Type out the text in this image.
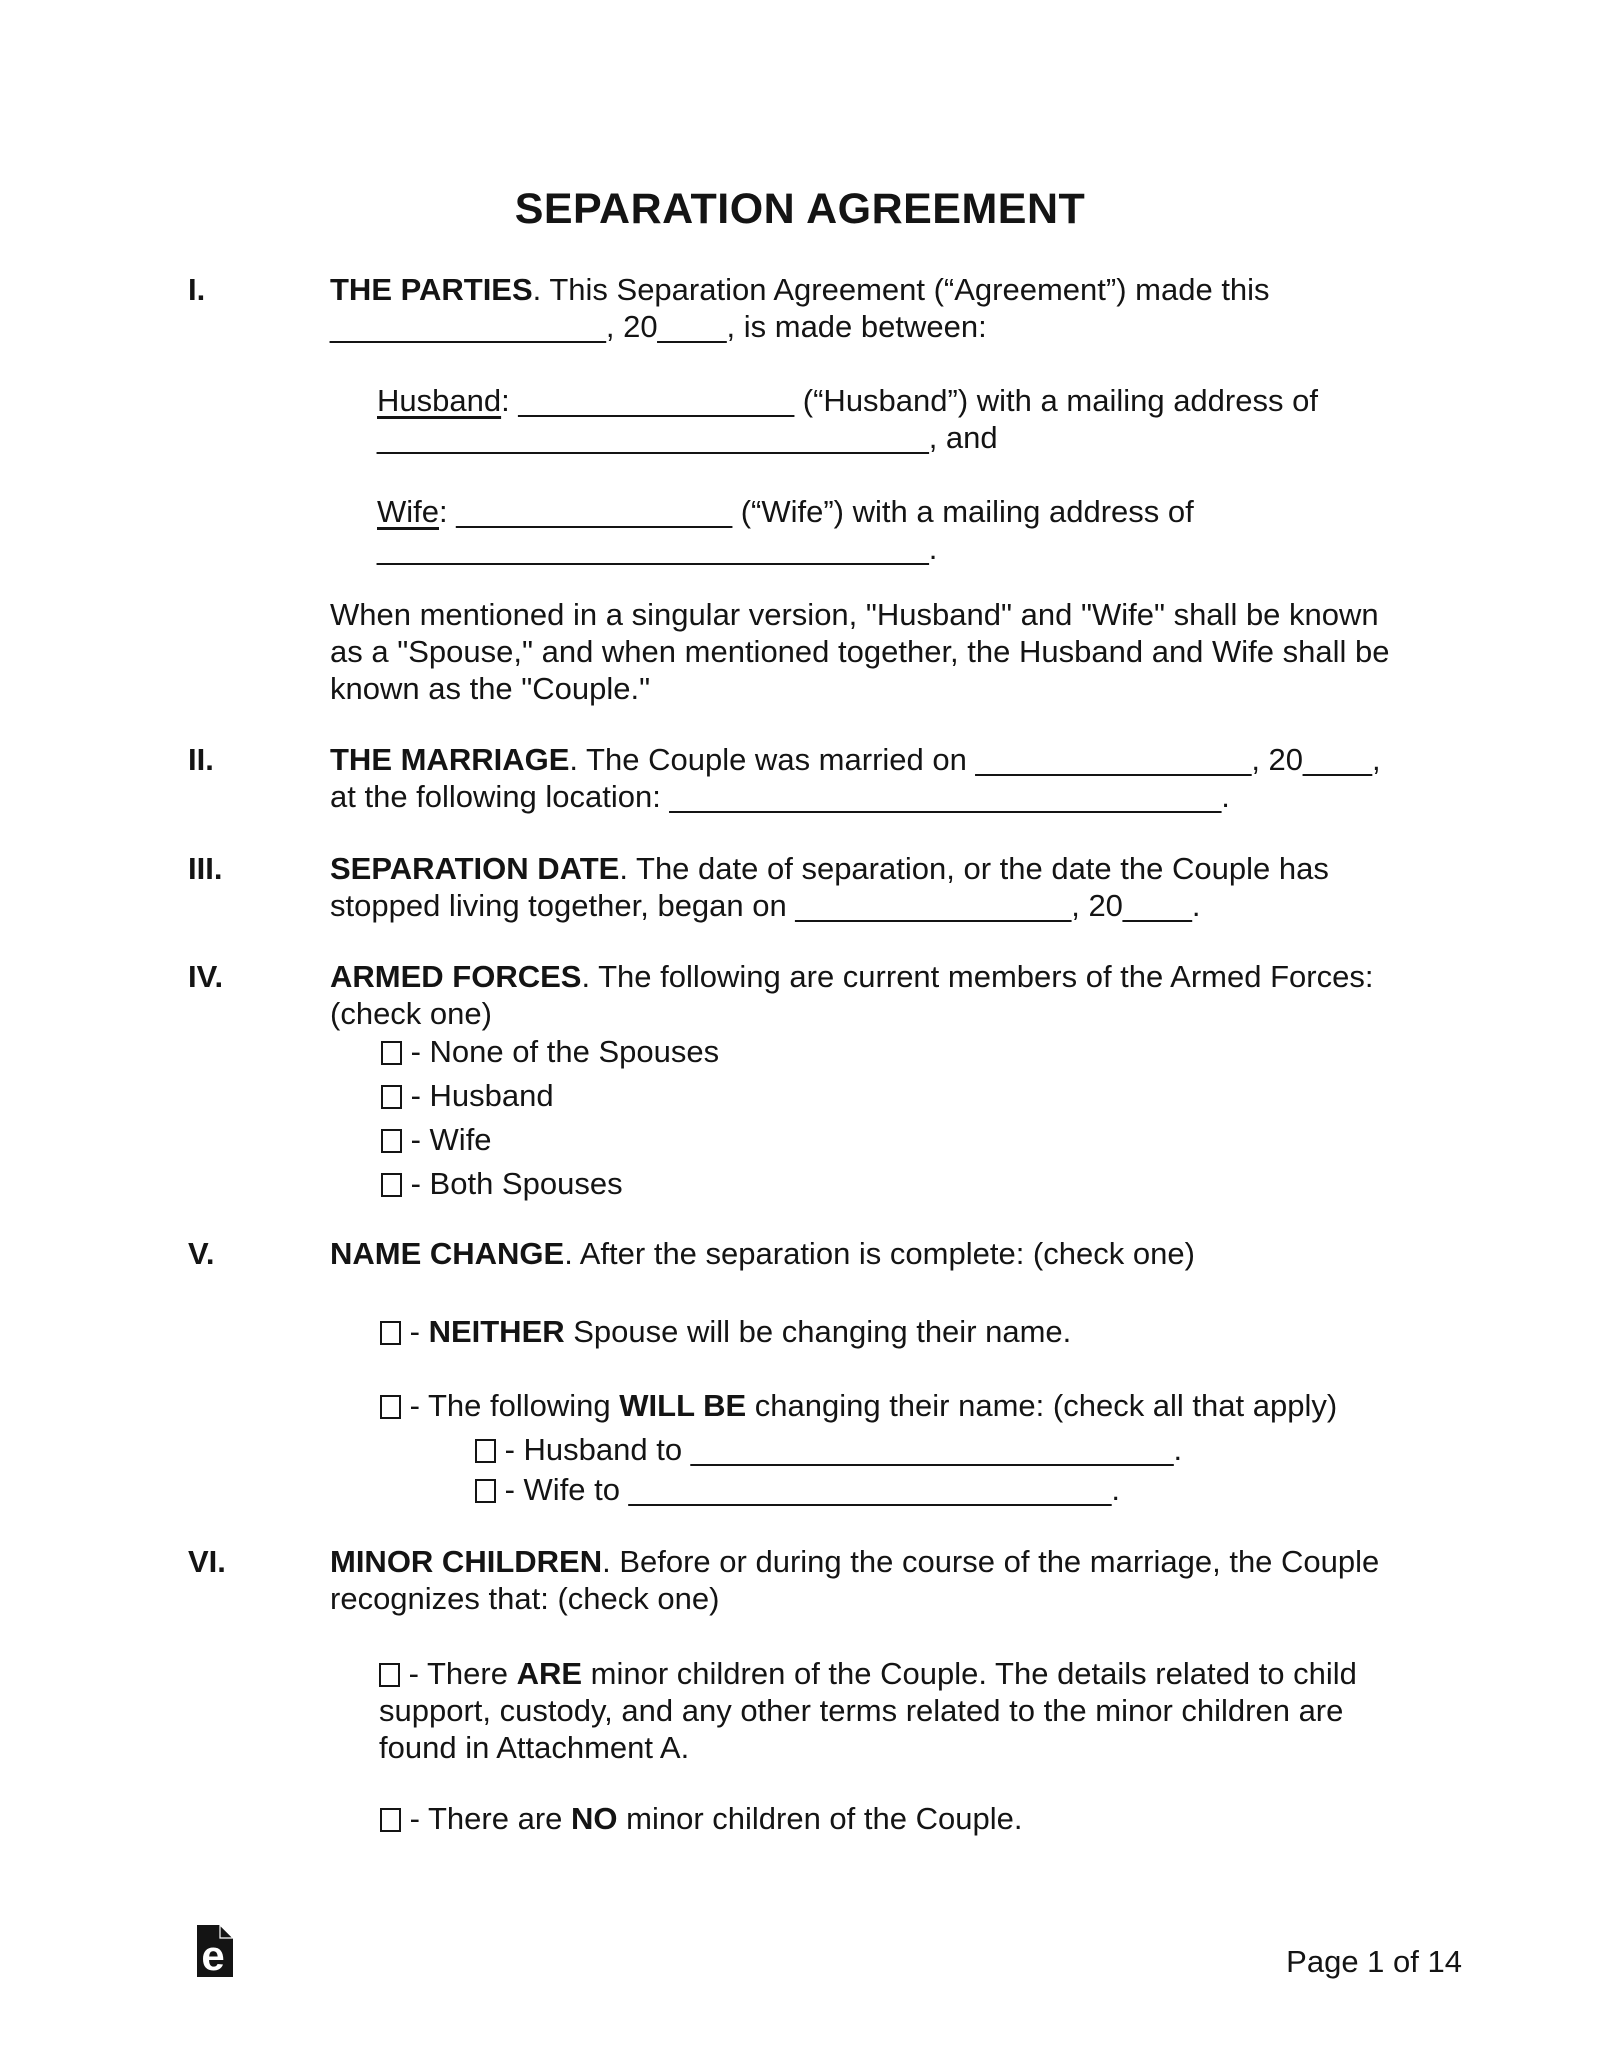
SEPARATION AGREEMENT
I.	THE PARTIES. This Separation Agreement (“Agreement”) made this
________________, 20____, is made between:
Husband: ________________ (“Husband”) with a mailing address of
________________________________, and
Wife: ________________ (“Wife”) with a mailing address of
________________________________.
When mentioned in a singular version, "Husband" and "Wife" shall be known
as a "Spouse," and when mentioned together, the Husband and Wife shall be
known as the "Couple."
II.	THE MARRIAGE. The Couple was married on ________________, 20____,
at the following location: ________________________________.
III.	SEPARATION DATE. The date of separation, or the date the Couple has
stopped living together, began on ________________, 20____.
IV.	ARMED FORCES. The following are current members of the Armed Forces:
(check one)
- None of the Spouses
- Husband
- Wife
- Both Spouses
V.	NAME CHANGE. After the separation is complete: (check one)
- NEITHER Spouse will be changing their name.
- The following WILL BE changing their name: (check all that apply)
- Husband to ____________________________.
- Wife to ____________________________.
VI.	MINOR CHILDREN. Before or during the course of the marriage, the Couple
recognizes that: (check one)
- There ARE minor children of the Couple. The details related to child
support, custody, and any other terms related to the minor children are
found in Attachment A.
- There are NO minor children of the Couple.
e	Page 1 of 14
